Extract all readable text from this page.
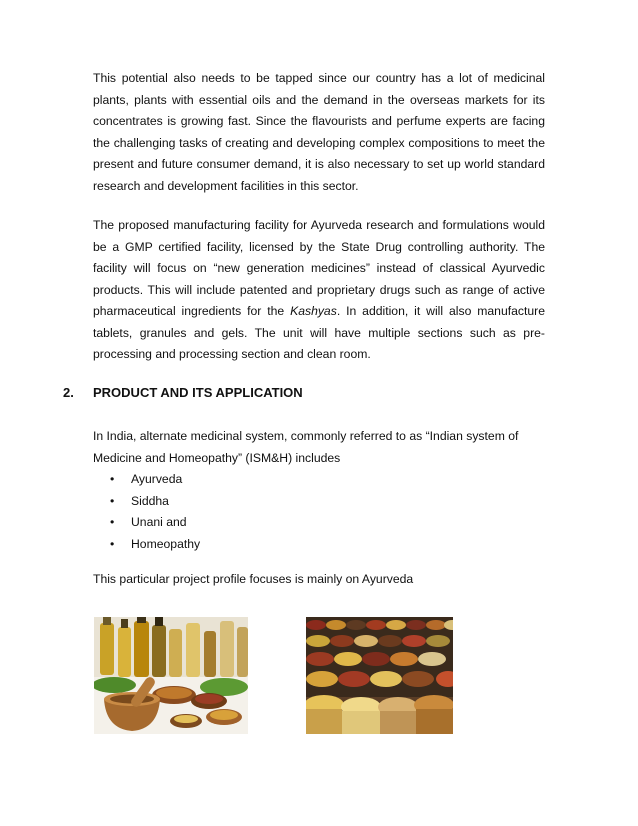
This potential also needs to be tapped since our country has a lot of medicinal plants, plants with essential oils and the demand in the overseas markets for its concentrates is growing fast. Since the flavourists and perfume experts are facing the challenging tasks of creating and developing complex compositions to meet the present and future consumer demand, it is also necessary to set up world standard research and development facilities in this sector.

The proposed manufacturing facility for Ayurveda research and formulations would be a GMP certified facility, licensed by the State Drug controlling authority. The facility will focus on “new generation medicines” instead of classical Ayurvedic products. This will include patented and proprietary drugs such as range of active pharmaceutical ingredients for the Kashyas. In addition, it will also manufacture tablets, granules and gels. The unit will have multiple sections such as pre-processing and processing section and clean room.

2. PRODUCT AND ITS APPLICATION

In India, alternate medicinal system, commonly referred to as “Indian system of Medicine and Homeopathy” (ISM&H) includes

• Ayurveda
• Siddha
• Unani and
• Homeopathy

This particular project profile focuses is mainly on Ayurveda
